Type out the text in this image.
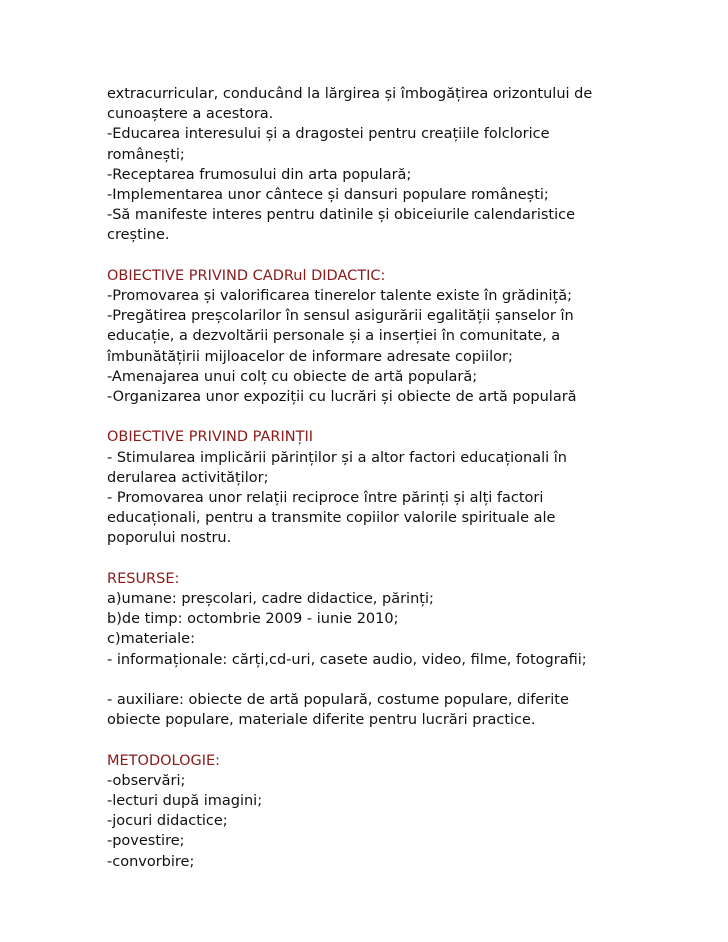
extracurricular, conducând la lărgirea și îmbogățirea orizontului de
cunoaștere a acestora.
-Educarea interesului și a dragostei pentru creațiile folclorice
românești;
-Receptarea frumosului din arta populară;
-Implementarea unor cântece și dansuri populare românești;
-Să manifeste interes pentru datinile și obiceiurile calendaristice
creștine.
OBIECTIVE PRIVIND CADRul DIDACTIC:
-Promovarea și valorificarea tinerelor talente existe în grădiniță;
-Pregătirea preșcolarilor în sensul asigurării egalității șanselor în
educație, a dezvoltării personale și a inserției în comunitate, a
îmbunătățirii mijloacelor de informare adresate copiilor;
-Amenajarea unui colț cu obiecte de artă populară;
-Organizarea unor expoziții cu lucrări și obiecte de artă populară
OBIECTIVE PRIVIND PARINȚII
- Stimularea implicării părinților și a altor factori educaționali în
derularea activităților;
- Promovarea unor relații reciproce între părinți și alți factori
educaționali, pentru a transmite copiilor valorile spirituale ale
poporului nostru.
RESURSE:
a)umane: preșcolari, cadre didactice, părinți;
b)de timp: octombrie 2009 - iunie 2010;
c)materiale:
- informaționale: cărți,cd-uri, casete audio, video, filme, fotografii;
- auxiliare: obiecte de artă populară, costume populare, diferite
obiecte populare, materiale diferite pentru lucrări practice.
METODOLOGIE:
-observări;
-lecturi după imagini;
-jocuri didactice;
-povestire;
-convorbire;
